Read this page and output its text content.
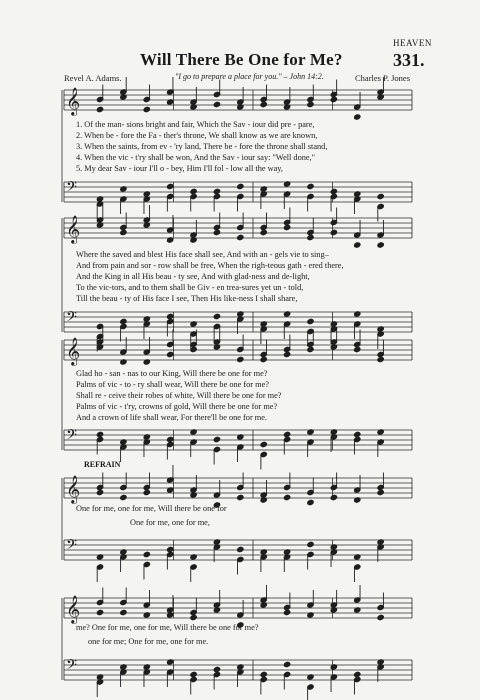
Will There Be One for Me?
HEAVEN
331.
"I go to prepare a place for you." – John 14:2.
Revel A. Adams.	Charles P. Jones
𝄞
𝄢
𝄞
𝄢
𝄞
𝄢
𝄞
𝄢
𝄞
𝄢
1. Of the man- sions bright and fair, Which the Sav - iour did pre - pare,
2. When be - fore the Fa - ther's throne, We shall know as we are known,
3. When the saints, from ev - 'ry land, There be - fore the throne shall stand,
4. When the vic - t'ry shall be won, And the Sav - iour say: "Well done,"
5. My dear Sav - iour I'll o - bey, Him I'll fol - low all the way,
Where the saved and blest His face shall see, And with an - gels vie to sing–
And from pain and sor - row shall be free, When the righ-teous gath - ered there,
And the King in all His beau - ty see, And with glad-ness and de-light,
To the vic-tors, and to them shall be Giv - en trea-sures yet un - told,
Till the beau - ty of His face I see, Then His like-ness I shall share,
Glad ho - san - nas to our King, Will there be one for me?
Palms of vic - to - ry shall wear, Will there be one for me?
Shall re - ceive their robes of white, Will there be one for me?
Palms of vic - t'ry, crowns of gold, Will there be one for me?
And a crown of life shall wear, For there'll be one for me.
REFRAIN
One for me, one for me, Will there be one for
One for me, one for me,
me? One for me, one for me, Will there be one for me?
one for me; One for me, one for me.
